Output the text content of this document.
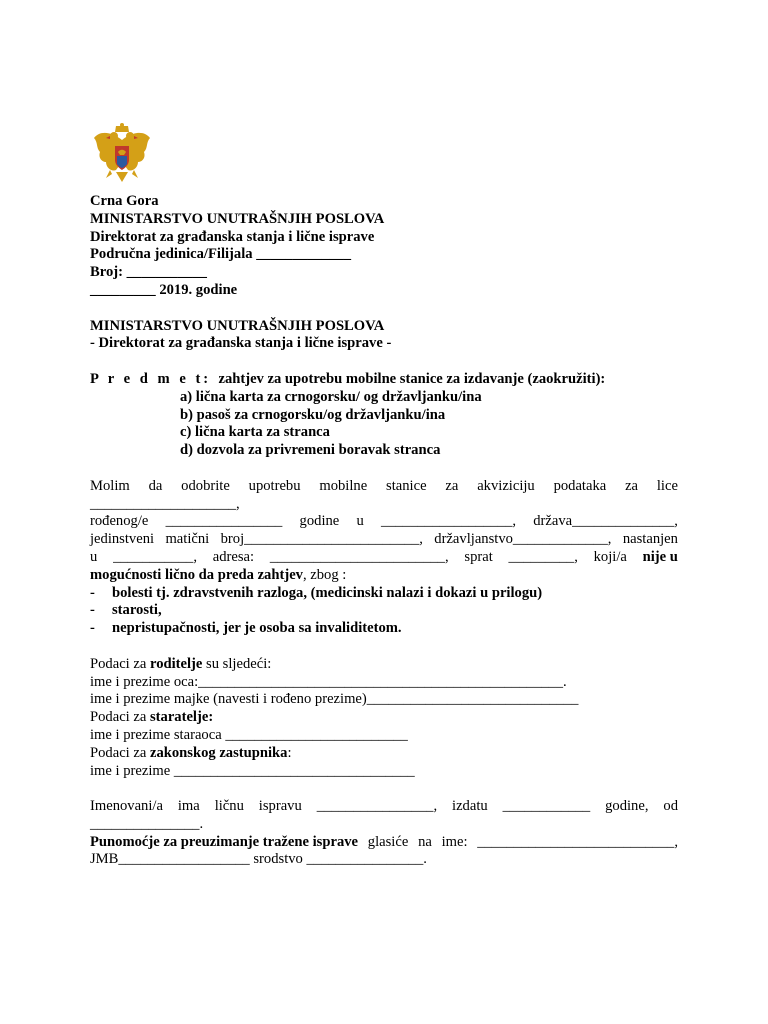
Crna Gora
MINISTARSTVO UNUTRAŠNJIH POSLOVA
Direktorat za građanska stanja i lične isprave
Područna jedinica/Filijala _____________
Broj: ___________
_________ 2019. godine
MINISTARSTVO UNUTRAŠNJIH POSLOVA
- Direktorat za građanska stanja i lične isprave -
P r e d m e t: zahtjev za upotrebu mobilne stanice za izdavanje (zaokružiti):
a) lična karta za crnogorsku/ og državljanku/ina
b) pasoš za crnogorsku/og državljanku/ina
c) lična karta za stranca
d) dozvola za privremeni boravak stranca
Molim da odobrite upotrebu mobilne stanice za akviziciju podataka za lice
____________________,
rođenog/e ________________ godine u __________________, država______________,
jedinstveni matični broj________________________, državljanstvo_____________, nastanjen
u ___________, adresa: ________________________, sprat _________, koji/a nije u
mogućnosti lično da preda zahtjev, zbog :
-	bolesti tj. zdravstvenih razloga, (medicinski nalazi i dokazi u prilogu)
-	starosti,
-	nepristupačnosti, jer je osoba sa invaliditetom.
Podaci za roditelje su sljedeći:
ime i prezime oca:__________________________________________________.
ime i prezime majke (navesti i rođeno prezime)_____________________________
Podaci za staratelje:
ime i prezime staraoca _________________________
Podaci za zakonskog zastupnika:
ime i prezime _________________________________
Imenovani/a ima ličnu ispravu ________________, izdatu ____________ godine, od
_______________.
Punomoćje za preuzimanje tražene isprave glasiće na ime: ___________________________,
JMB__________________ srodstvo ________________.
